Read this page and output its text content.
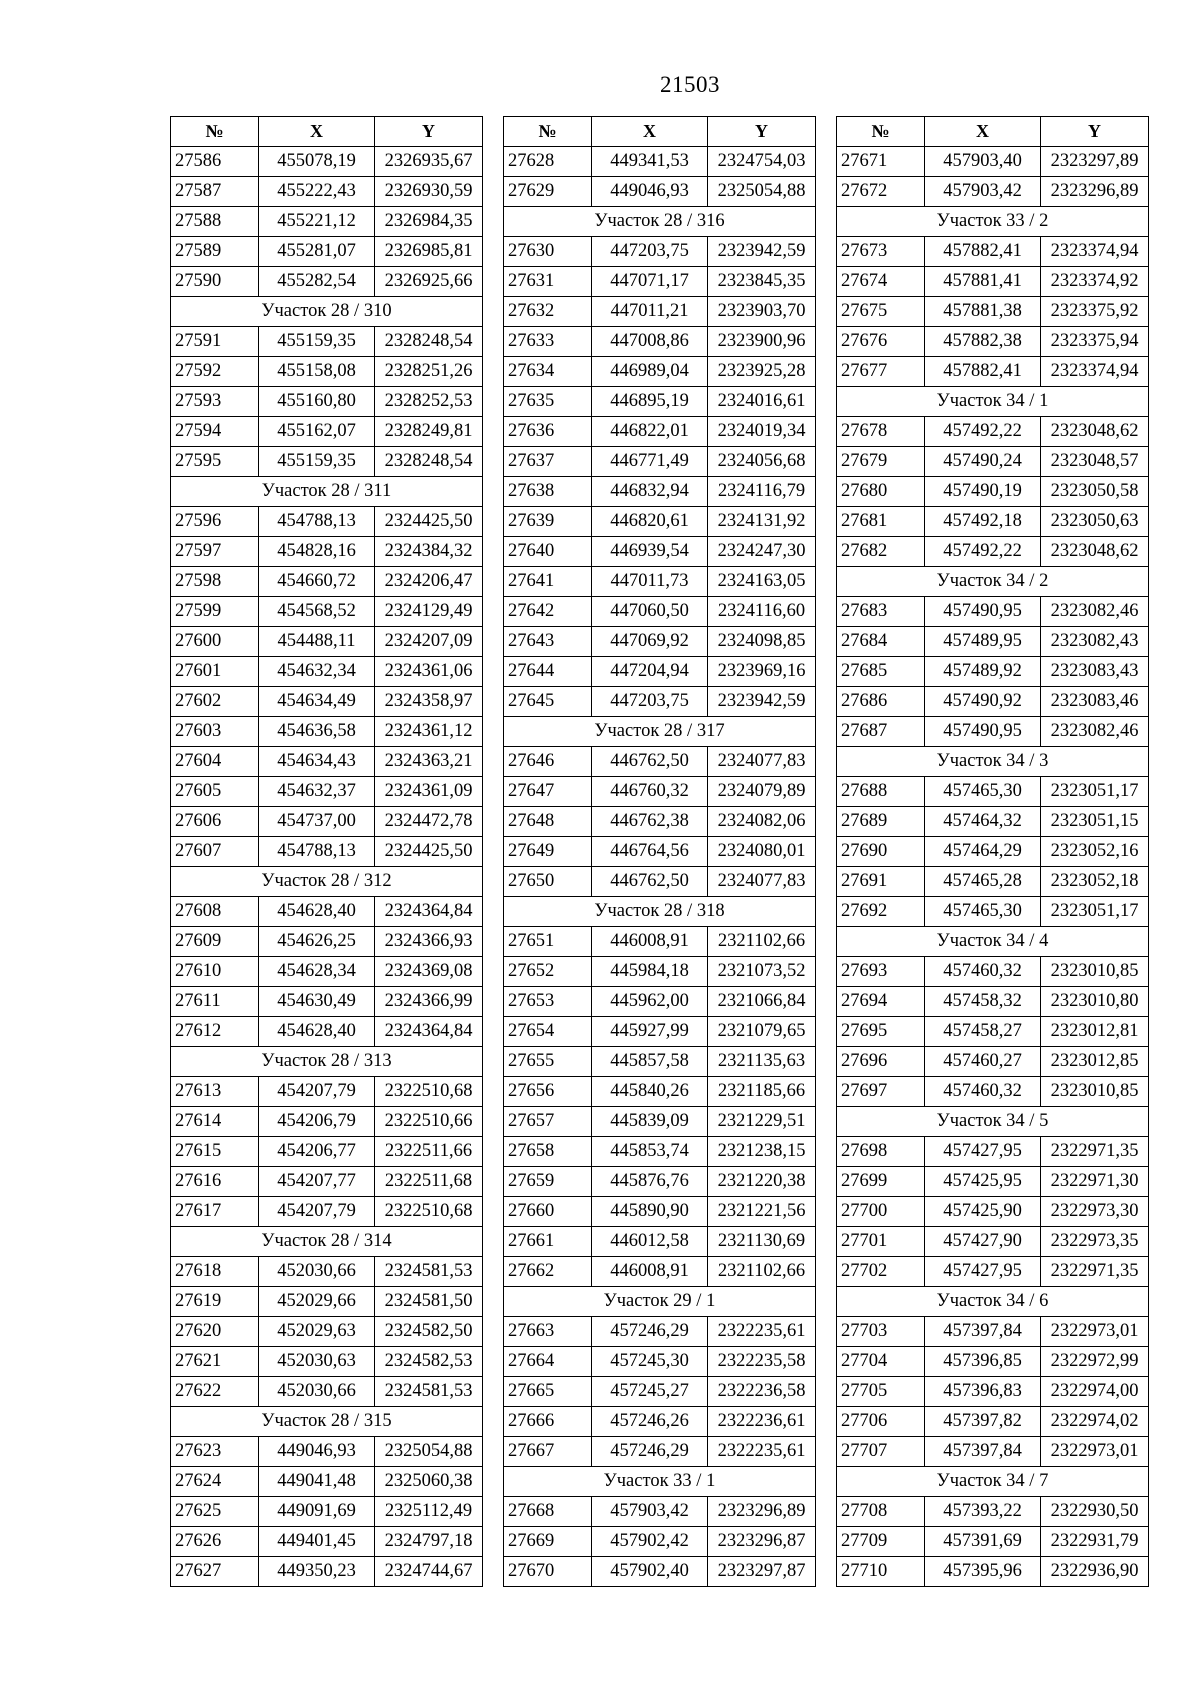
21503
№	X	Y
27586	455078,19	2326935,67
27587	455222,43	2326930,59
27588	455221,12	2326984,35
27589	455281,07	2326985,81
27590	455282,54	2326925,66
Участок 28 / 310		
27591	455159,35	2328248,54
27592	455158,08	2328251,26
27593	455160,80	2328252,53
27594	455162,07	2328249,81
27595	455159,35	2328248,54
Участок 28 / 311		
27596	454788,13	2324425,50
27597	454828,16	2324384,32
27598	454660,72	2324206,47
27599	454568,52	2324129,49
27600	454488,11	2324207,09
27601	454632,34	2324361,06
27602	454634,49	2324358,97
27603	454636,58	2324361,12
27604	454634,43	2324363,21
27605	454632,37	2324361,09
27606	454737,00	2324472,78
27607	454788,13	2324425,50
Участок 28 / 312		
27608	454628,40	2324364,84
27609	454626,25	2324366,93
27610	454628,34	2324369,08
27611	454630,49	2324366,99
27612	454628,40	2324364,84
Участок 28 / 313		
27613	454207,79	2322510,68
27614	454206,79	2322510,66
27615	454206,77	2322511,66
27616	454207,77	2322511,68
27617	454207,79	2322510,68
Участок 28 / 314		
27618	452030,66	2324581,53
27619	452029,66	2324581,50
27620	452029,63	2324582,50
27621	452030,63	2324582,53
27622	452030,66	2324581,53
Участок 28 / 315		
27623	449046,93	2325054,88
27624	449041,48	2325060,38
27625	449091,69	2325112,49
27626	449401,45	2324797,18
27627	449350,23	2324744,67
№	X	Y
27628	449341,53	2324754,03
27629	449046,93	2325054,88
Участок 28 / 316		
27630	447203,75	2323942,59
27631	447071,17	2323845,35
27632	447011,21	2323903,70
27633	447008,86	2323900,96
27634	446989,04	2323925,28
27635	446895,19	2324016,61
27636	446822,01	2324019,34
27637	446771,49	2324056,68
27638	446832,94	2324116,79
27639	446820,61	2324131,92
27640	446939,54	2324247,30
27641	447011,73	2324163,05
27642	447060,50	2324116,60
27643	447069,92	2324098,85
27644	447204,94	2323969,16
27645	447203,75	2323942,59
Участок 28 / 317		
27646	446762,50	2324077,83
27647	446760,32	2324079,89
27648	446762,38	2324082,06
27649	446764,56	2324080,01
27650	446762,50	2324077,83
Участок 28 / 318		
27651	446008,91	2321102,66
27652	445984,18	2321073,52
27653	445962,00	2321066,84
27654	445927,99	2321079,65
27655	445857,58	2321135,63
27656	445840,26	2321185,66
27657	445839,09	2321229,51
27658	445853,74	2321238,15
27659	445876,76	2321220,38
27660	445890,90	2321221,56
27661	446012,58	2321130,69
27662	446008,91	2321102,66
Участок 29 / 1		
27663	457246,29	2322235,61
27664	457245,30	2322235,58
27665	457245,27	2322236,58
27666	457246,26	2322236,61
27667	457246,29	2322235,61
Участок 33 / 1		
27668	457903,42	2323296,89
27669	457902,42	2323296,87
27670	457902,40	2323297,87
№	X	Y
27671	457903,40	2323297,89
27672	457903,42	2323296,89
Участок 33 / 2		
27673	457882,41	2323374,94
27674	457881,41	2323374,92
27675	457881,38	2323375,92
27676	457882,38	2323375,94
27677	457882,41	2323374,94
Участок 34 / 1		
27678	457492,22	2323048,62
27679	457490,24	2323048,57
27680	457490,19	2323050,58
27681	457492,18	2323050,63
27682	457492,22	2323048,62
Участок 34 / 2		
27683	457490,95	2323082,46
27684	457489,95	2323082,43
27685	457489,92	2323083,43
27686	457490,92	2323083,46
27687	457490,95	2323082,46
Участок 34 / 3		
27688	457465,30	2323051,17
27689	457464,32	2323051,15
27690	457464,29	2323052,16
27691	457465,28	2323052,18
27692	457465,30	2323051,17
Участок 34 / 4		
27693	457460,32	2323010,85
27694	457458,32	2323010,80
27695	457458,27	2323012,81
27696	457460,27	2323012,85
27697	457460,32	2323010,85
Участок 34 / 5		
27698	457427,95	2322971,35
27699	457425,95	2322971,30
27700	457425,90	2322973,30
27701	457427,90	2322973,35
27702	457427,95	2322971,35
Участок 34 / 6		
27703	457397,84	2322973,01
27704	457396,85	2322972,99
27705	457396,83	2322974,00
27706	457397,82	2322974,02
27707	457397,84	2322973,01
Участок 34 / 7		
27708	457393,22	2322930,50
27709	457391,69	2322931,79
27710	457395,96	2322936,90
